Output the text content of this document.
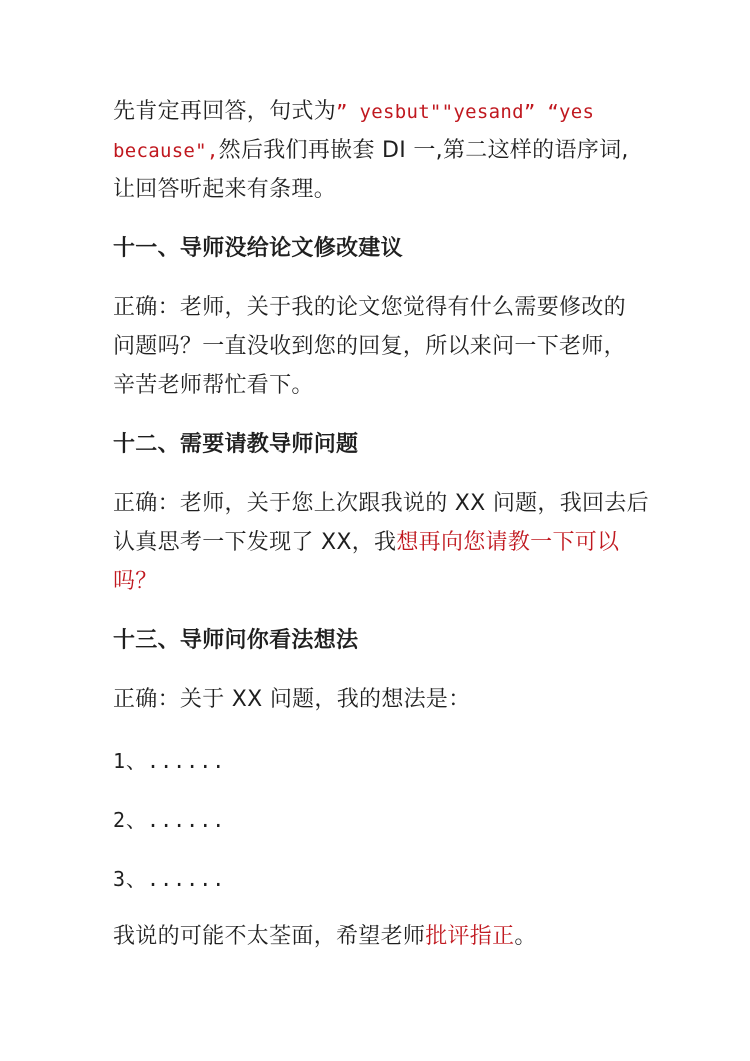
先肯定再回答，句式为” yesbut""yesand” “yes
because",然后我们再嵌套 DI 一,第二这样的语序词,
让回答听起来有条理。
十一、导师没给论文修改建议
正确：老师，关于我的论文您觉得有什么需要修改的
问题吗？一直没收到您的回复，所以来问一下老师，
辛苦老师帮忙看下。
十二、需要请教导师问题
正确：老师，关于您上次跟我说的 XX 问题，我回去后
认真思考一下发现了 XX，我想再向您请教一下可以
吗？
十三、导师问你看法想法
正确：关于 XX 问题，我的想法是：
1、......
2、......
3、......
我说的可能不太荃面，希望老师批评指正。
